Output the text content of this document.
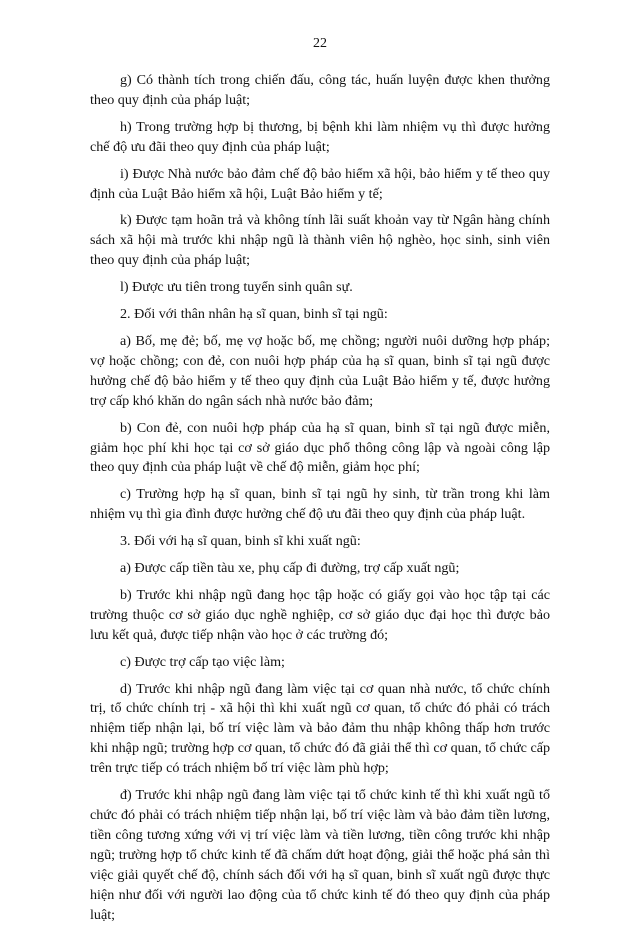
22

g) Có thành tích trong chiến đấu, công tác, huấn luyện được khen thưởng theo quy định của pháp luật;

h) Trong trường hợp bị thương, bị bệnh khi làm nhiệm vụ thì được hưởng chế độ ưu đãi theo quy định của pháp luật;

i) Được Nhà nước bảo đảm chế độ bảo hiểm xã hội, bảo hiểm y tế theo quy định của Luật Bảo hiểm xã hội, Luật Bảo hiểm y tế;

k) Được tạm hoãn trả và không tính lãi suất khoản vay từ Ngân hàng chính sách xã hội mà trước khi nhập ngũ là thành viên hộ nghèo, học sinh, sinh viên theo quy định của pháp luật;

l) Được ưu tiên trong tuyển sinh quân sự.

2. Đối với thân nhân hạ sĩ quan, binh sĩ tại ngũ:

a) Bố, mẹ đẻ; bố, mẹ vợ hoặc bố, mẹ chồng; người nuôi dưỡng hợp pháp; vợ hoặc chồng; con đẻ, con nuôi hợp pháp của hạ sĩ quan, binh sĩ tại ngũ được hưởng chế độ bảo hiểm y tế theo quy định của Luật Bảo hiểm y tế, được hưởng trợ cấp khó khăn do ngân sách nhà nước bảo đảm;

b) Con đẻ, con nuôi hợp pháp của hạ sĩ quan, binh sĩ tại ngũ được miễn, giảm học phí khi học tại cơ sở giáo dục phổ thông công lập và ngoài công lập theo quy định của pháp luật về chế độ miễn, giảm học phí;

c) Trường hợp hạ sĩ quan, binh sĩ tại ngũ hy sinh, từ trần trong khi làm nhiệm vụ thì gia đình được hưởng chế độ ưu đãi theo quy định của pháp luật.

3. Đối với hạ sĩ quan, binh sĩ khi xuất ngũ:

a) Được cấp tiền tàu xe, phụ cấp đi đường, trợ cấp xuất ngũ;

b) Trước khi nhập ngũ đang học tập hoặc có giấy gọi vào học tập tại các trường thuộc cơ sở giáo dục nghề nghiệp, cơ sở giáo dục đại học thì được bảo lưu kết quả, được tiếp nhận vào học ở các trường đó;

c) Được trợ cấp tạo việc làm;

d) Trước khi nhập ngũ đang làm việc tại cơ quan nhà nước, tổ chức chính trị, tổ chức chính trị - xã hội thì khi xuất ngũ cơ quan, tổ chức đó phải có trách nhiệm tiếp nhận lại, bố trí việc làm và bảo đảm thu nhập không thấp hơn trước khi nhập ngũ; trường hợp cơ quan, tổ chức đó đã giải thể thì cơ quan, tổ chức cấp trên trực tiếp có trách nhiệm bố trí việc làm phù hợp;

đ) Trước khi nhập ngũ đang làm việc tại tổ chức kinh tế thì khi xuất ngũ tổ chức đó phải có trách nhiệm tiếp nhận lại, bố trí việc làm và bảo đảm tiền lương, tiền công tương xứng với vị trí việc làm và tiền lương, tiền công trước khi nhập ngũ; trường hợp tổ chức kinh tế đã chấm dứt hoạt động, giải thể hoặc phá sản thì việc giải quyết chế độ, chính sách đối với hạ sĩ quan, binh sĩ xuất ngũ được thực hiện như đối với người lao động của tổ chức kinh tế đó theo quy định của pháp luật;
